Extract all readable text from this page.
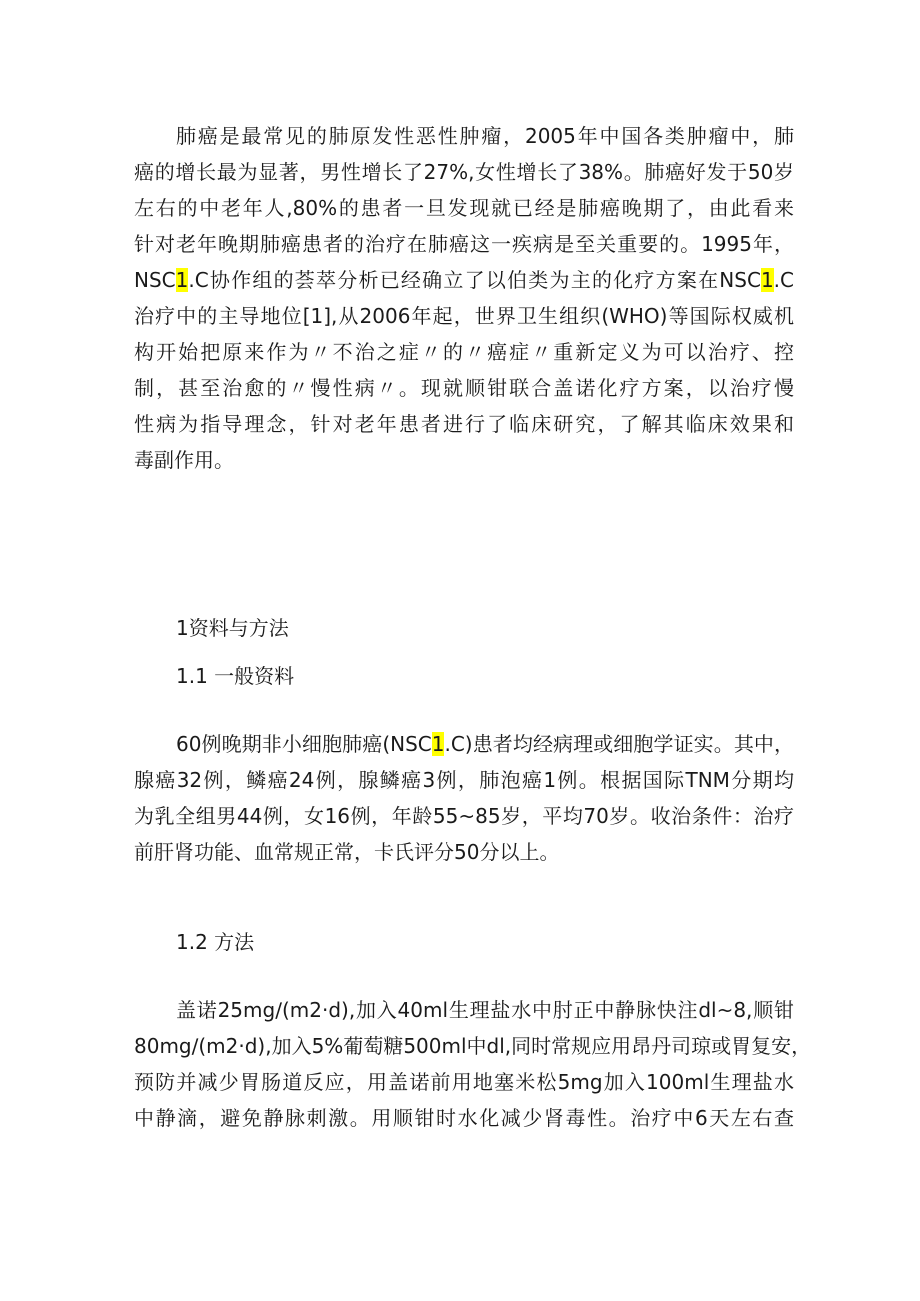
肺癌是最常见的肺原发性恶性肿瘤，2005年中国各类肿瘤中，肺
癌的增长最为显著，男性增长了27%,女性增长了38%。肺癌好发于50岁
左右的中老年人,80%的患者一旦发现就已经是肺癌晚期了，由此看来
针对老年晚期肺癌患者的治疗在肺癌这一疾病是至关重要的。1995年，
NSC1.C协作组的荟萃分析已经确立了以伯类为主的化疗方案在NSC1.C
治疗中的主导地位[1],从2006年起，世界卫生组织(WHO)等国际权威机
构开始把原来作为〃不治之症〃的〃癌症〃重新定义为可以治疗、控
制，甚至治愈的〃慢性病〃。现就顺钳联合盖诺化疗方案，以治疗慢
性病为指导理念，针对老年患者进行了临床研究，了解其临床效果和
毒副作用。
1资料与方法
1.1 一般资料
60例晚期非小细胞肺癌(NSC1.C)患者均经病理或细胞学证实。其中，
腺癌32例，鳞癌24例，腺鳞癌3例，肺泡癌1例。根据国际TNM分期均
为乳全组男44例，女16例，年龄55~85岁，平均70岁。收治条件：治疗
前肝肾功能、血常规正常，卡氏评分50分以上。
1.2 方法
盖诺25mg∕(m2·d),加入40ml生理盐水中肘正中静脉快注dl~8,顺钳
80mg∕(m2·d),加入5%葡萄糖500ml中dl,同时常规应用昂丹司琼或胃复安，
预防并减少胃肠道反应，用盖诺前用地塞米松5mg加入100ml生理盐水
中静滴，避免静脉刺激。用顺钳时水化减少肾毒性。治疗中6天左右查
